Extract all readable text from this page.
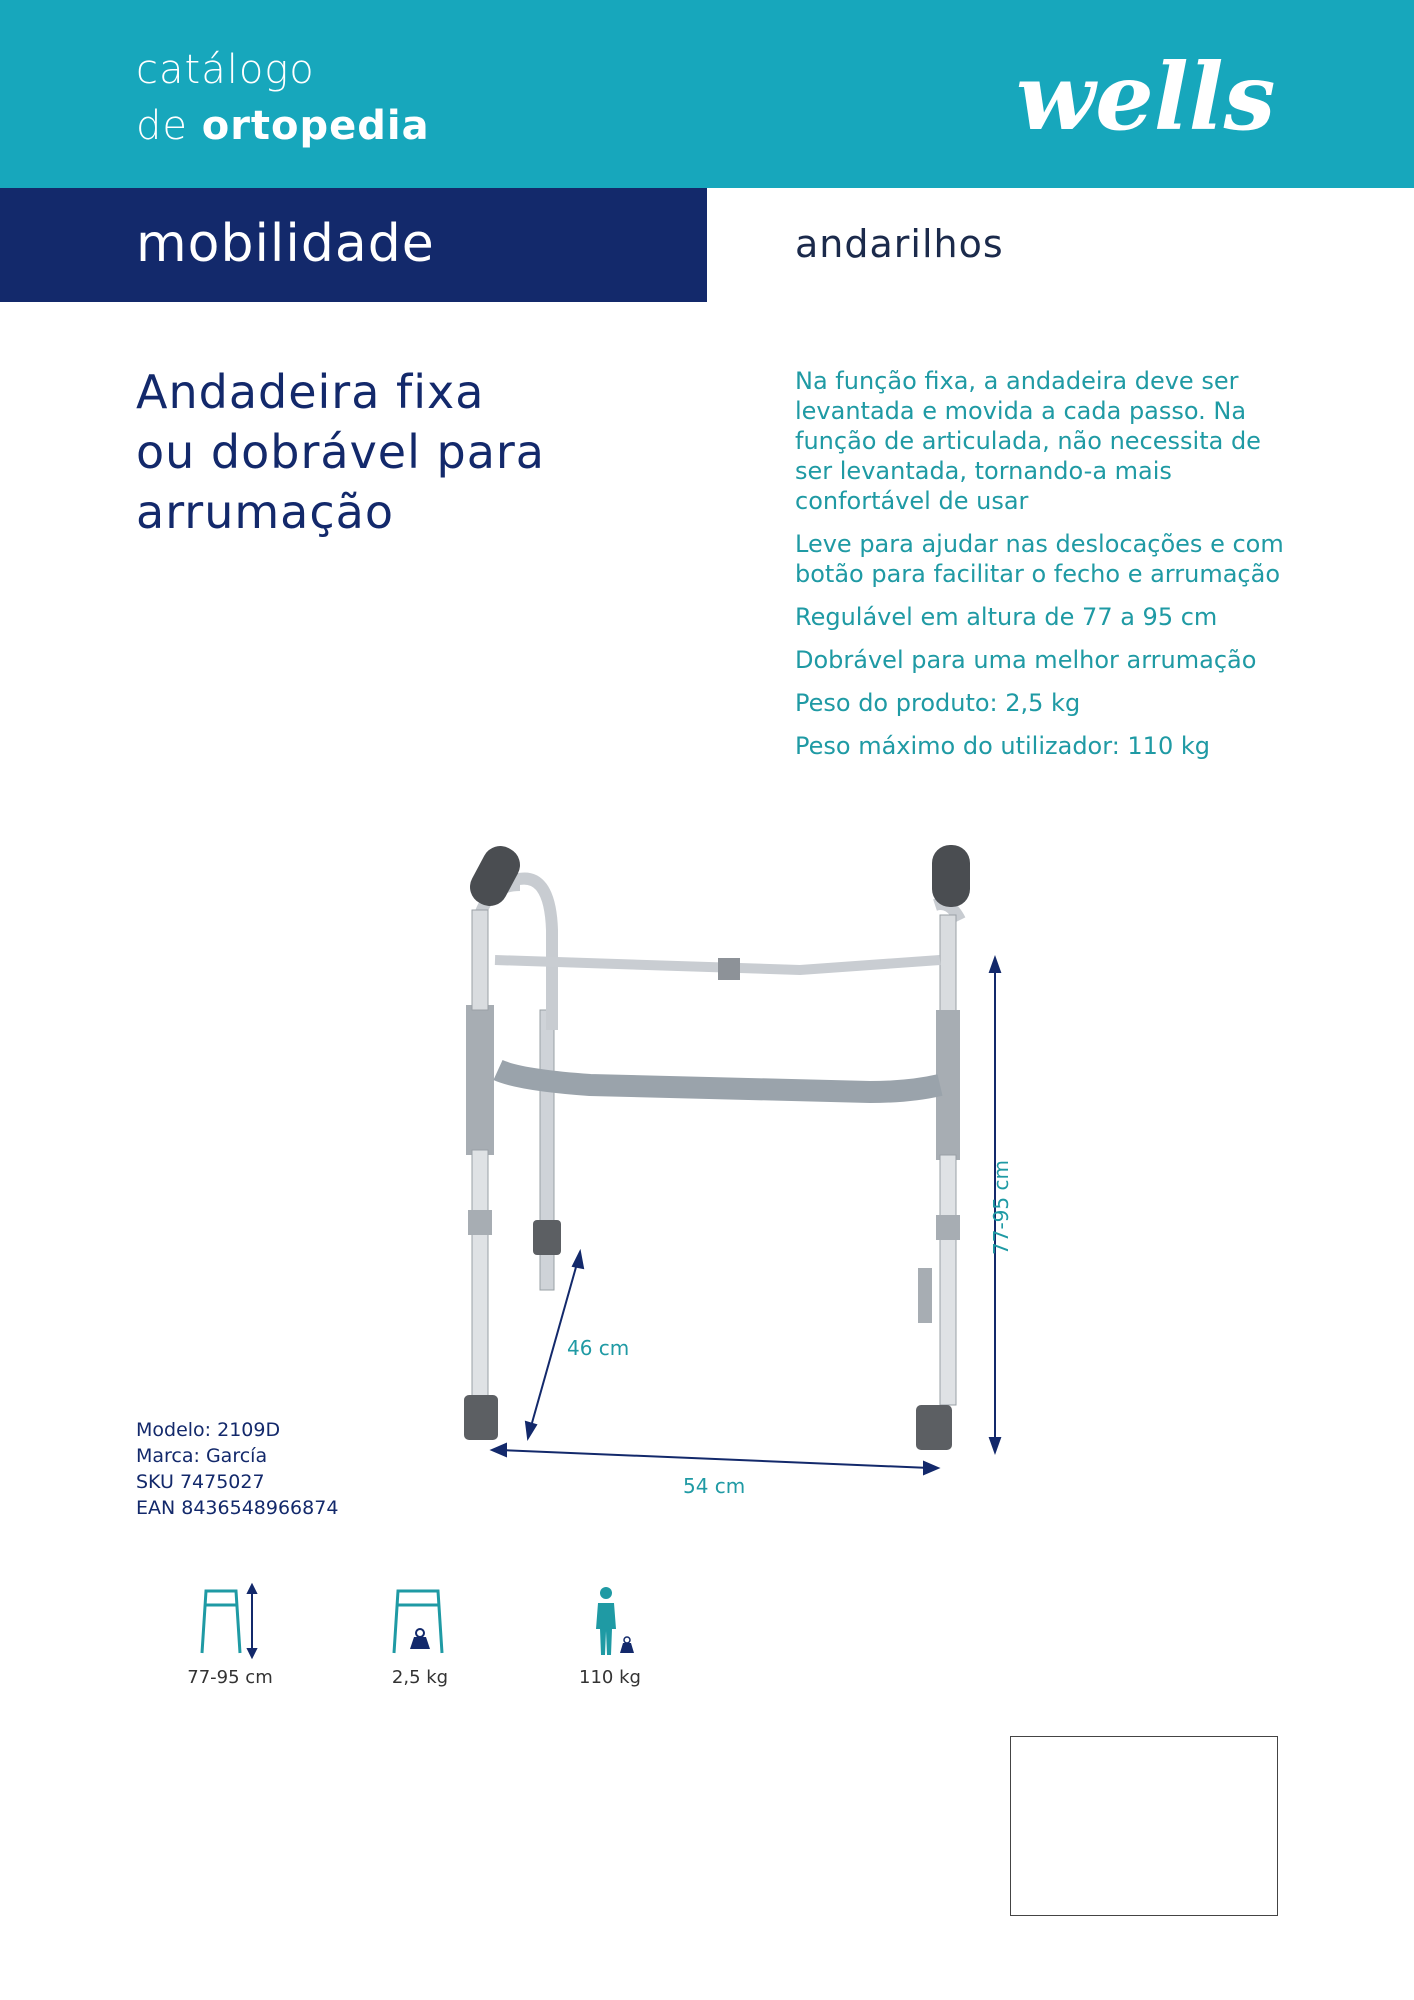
catálogo
de ortopedia	wells
mobilidade	andarilhos
Andadeira fixa
ou dobrável para
arrumação
Na função fixa, a andadeira deve ser levantada e movida a cada passo. Na função de articulada, não necessita de ser levantada, tornando-a mais confortável de usar
Leve para ajudar nas deslocações e com botão para facilitar o fecho e arrumação
Regulável em altura de 77 a 95 cm
Dobrável para uma melhor arrumação
Peso do produto: 2,5 kg
Peso máximo do utilizador: 110 kg
77-95 cm
46 cm
54 cm
Modelo: 2109D
Marca: García
SKU 7475027
EAN 8436548966874
77-95 cm	2,5 kg	110 kg
